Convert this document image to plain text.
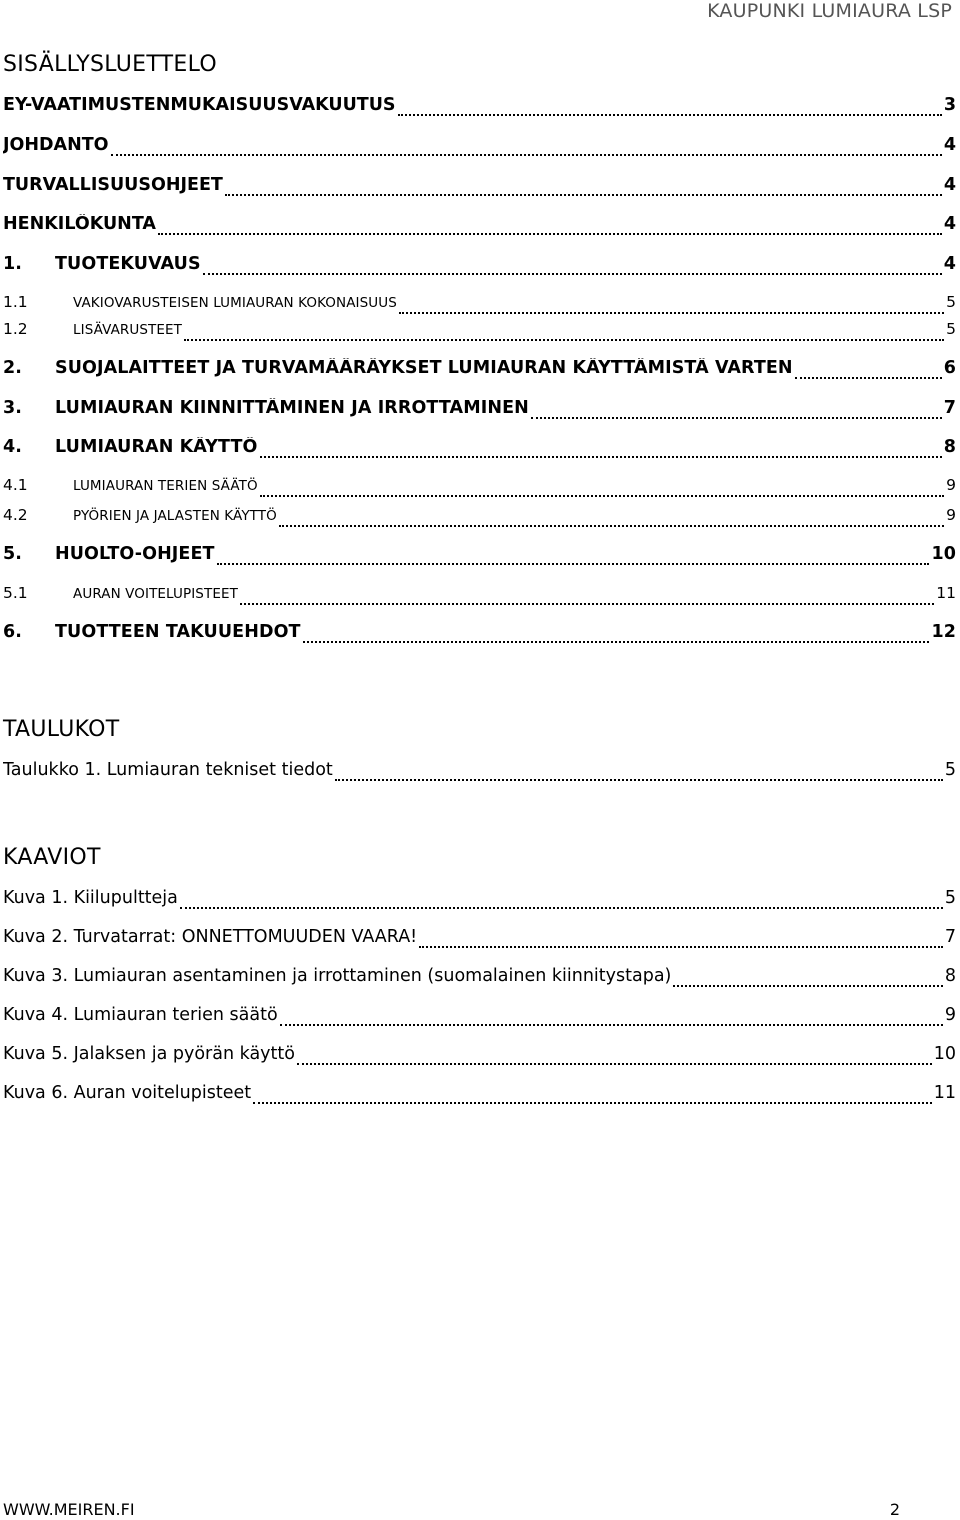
KAUPUNKI LUMIAURA LSP
SISÄLLYSLUETTELO
EY-VAATIMUSTENMUKAISUUSVAKUUTUS	3
JOHDANTO	4
TURVALLISUUSOHJEET	4
HENKILÖKUNTA	4
1.	TUOTEKUVAUS	4
1.1	VAKIOVARUSTEISEN LUMIAURAN KOKONAISUUS	5
1.2	LISÄVARUSTEET	5
2.	SUOJALAITTEET JA TURVAMÄÄRÄYKSET LUMIAURAN KÄYTTÄMISTÄ VARTEN	6
3.	LUMIAURAN KIINNITTÄMINEN JA IRROTTAMINEN	7
4.	LUMIAURAN KÄYTTÖ	8
4.1	LUMIAURAN TERIEN SÄÄTÖ	9
4.2	PYÖRIEN JA JALASTEN KÄYTTÖ	9
5.	HUOLTO-OHJEET	10
5.1	AURAN VOITELUPISTEET	11
6.	TUOTTEEN TAKUUEHDOT	12
TAULUKOT
Taulukko 1. Lumiauran tekniset tiedot	5
KAAVIOT
Kuva 1. Kiilupultteja	5
Kuva 2. Turvatarrat: ONNETTOMUUDEN VAARA!	7
Kuva 3. Lumiauran asentaminen ja irrottaminen (suomalainen kiinnitystapa)	8
Kuva 4. Lumiauran terien säätö	9
Kuva 5. Jalaksen ja pyörän käyttö	10
Kuva 6. Auran voitelupisteet	11
WWW.MEIREN.FI	2
